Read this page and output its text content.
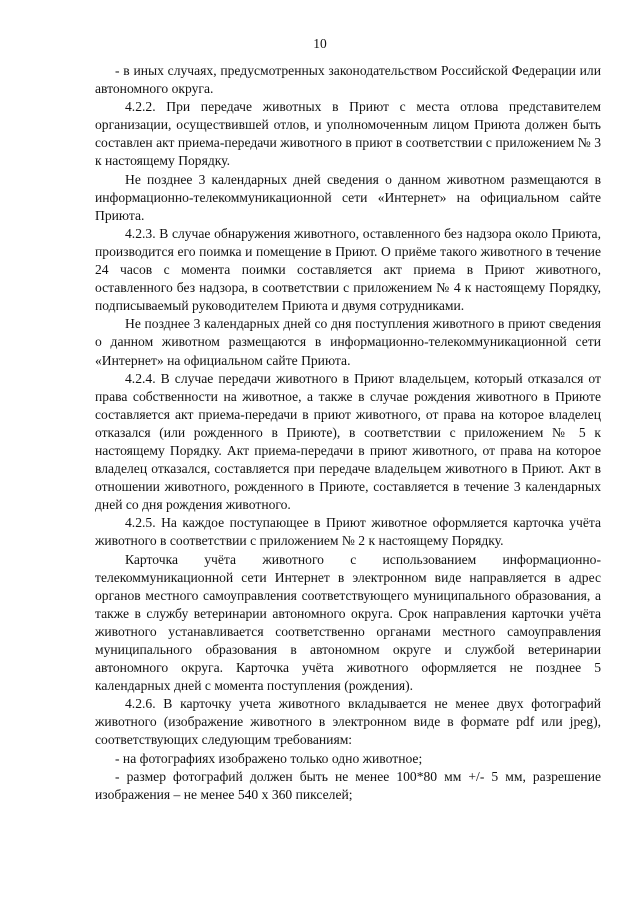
10

- в иных случаях, предусмотренных законодательством Российской Федерации или автономного округа.

4.2.2. При передаче животных в Приют с места отлова представителем организации, осуществившей отлов, и уполномоченным лицом Приюта должен быть составлен акт приема-передачи животного в приют в соответствии с приложением № 3 к настоящему Порядку.

Не позднее 3 календарных дней сведения о данном животном размещаются в информационно-телекоммуникационной сети «Интернет» на официальном сайте Приюта.

4.2.3. В случае обнаружения животного, оставленного без надзора около Приюта, производится его поимка и помещение в Приют. О приёме такого животного в течение 24 часов с момента поимки составляется акт приема в Приют животного, оставленного без надзора, в соответствии с приложением № 4 к настоящему Порядку, подписываемый руководителем Приюта и двумя сотрудниками.

Не позднее 3 календарных дней со дня поступления животного в приют сведения о данном животном размещаются в информационно-телекоммуникационной сети «Интернет» на официальном сайте Приюта.

4.2.4. В случае передачи животного в Приют владельцем, который отказался от права собственности на животное, а также в случае рождения животного в Приюте составляется акт приема-передачи в приют животного, от права на которое владелец отказался (или рожденного в Приюте), в соответствии с приложением № 5 к настоящему Порядку. Акт приема-передачи в приют животного, от права на которое владелец отказался, составляется при передаче владельцем животного в Приют. Акт в отношении животного, рожденного в Приюте, составляется в течение 3 календарных дней со дня рождения животного.

4.2.5. На каждое поступающее в Приют животное оформляется карточка учёта животного в соответствии с приложением № 2 к настоящему Порядку.

Карточка учёта животного с использованием информационно-телекоммуникационной сети Интернет в электронном виде направляется в адрес органов местного самоуправления соответствующего муниципального образования, а также в службу ветеринарии автономного округа. Срок направления карточки учёта животного устанавливается соответственно органами местного самоуправления муниципального образования в автономном округе и службой ветеринарии автономного округа. Карточка учёта животного оформляется не позднее 5 календарных дней с момента поступления (рождения).

4.2.6. В карточку учета животного вкладывается не менее двух фотографий животного (изображение животного в электронном виде в формате pdf или jpeg), соответствующих следующим требованиям:

- на фотографиях изображено только одно животное;

- размер фотографий должен быть не менее 100*80 мм +/- 5 мм, разрешение изображения – не менее 540 х 360 пикселей;
